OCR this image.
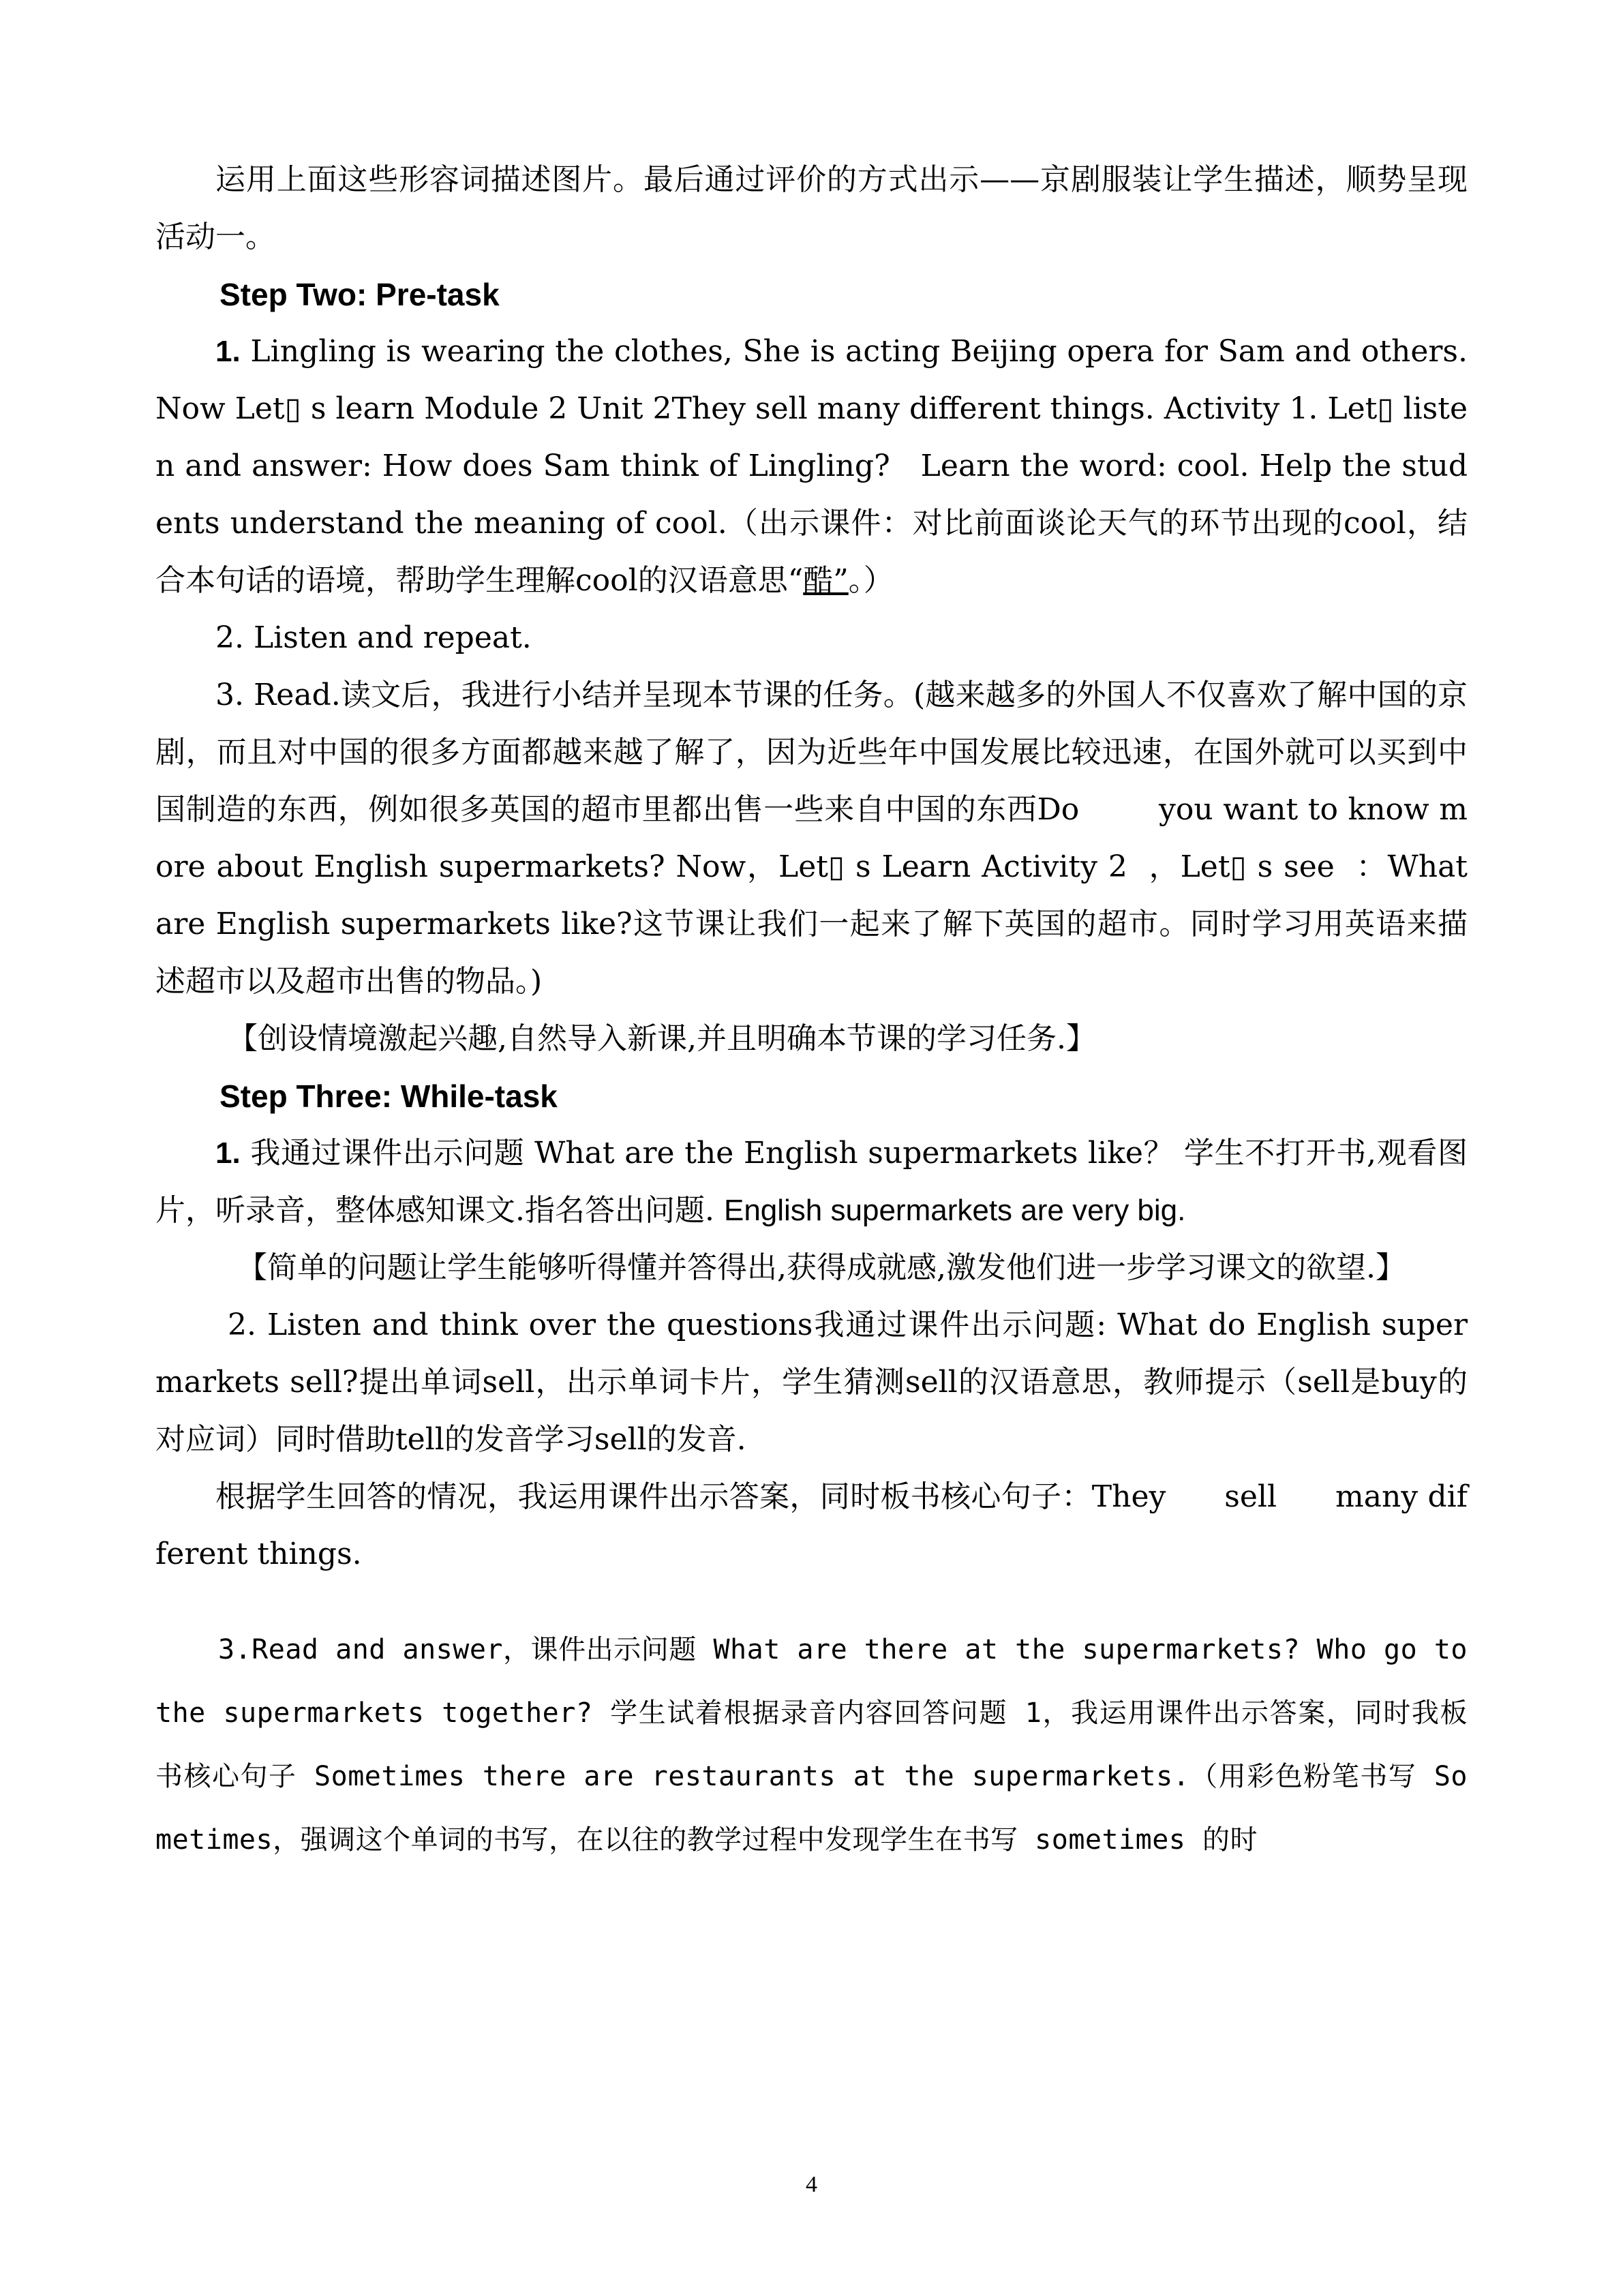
运用上面这些形容词描述图片。最后通过评价的方式出示——京剧服装让学生描述，顺势呈现活动一。

Step Two: Pre-task

1. Lingling is wearing the clothes, She is acting Beijing opera for Sam and others. Now Let▯ s learn Module 2 Unit 2They sell many different things. Activity 1. Let▯ listen and answer: How does Sam think of Lingling?   Learn the word: cool. Help the students understand the meaning of cool.（出示课件：对比前面谈论天气的环节出现的cool，结合本句话的语境，帮助学生理解cool的汉语意思“酷”。）

2. Listen and repeat.

3. Read.读文后，我进行小结并呈现本节课的任务。(越来越多的外国人不仅喜欢了解中国的京剧，而且对中国的很多方面都越来越了解了，因为近些年中国发展比较迅速，在国外就可以买到中国制造的东西，例如很多英国的超市里都出售一些来自中国的东西Do        you want to know more about English supermarkets? Now，Let▯ s Learn Activity 2  ，Let▯ s see  ：What are English supermarkets like?这节课让我们一起来了解下英国的超市。同时学习用英语来描述超市以及超市出售的物品。)

【创设情境激起兴趣,自然导入新课,并且明确本节课的学习任务.】

Step Three: While-task

1. 我通过课件出示问题 What are the English supermarkets like？ 学生不打开书,观看图片，听录音，整体感知课文.指名答出问题. English supermarkets are very big.

【简单的问题让学生能够听得懂并答得出,获得成就感,激发他们进一步学习课文的欲望.】

2. Listen and think over the questions我通过课件出示问题: What do English supermarkets sell?提出单词sell，出示单词卡片，学生猜测sell的汉语意思，教师提示（sell是buy的对应词）同时借助tell的发音学习sell的发音.

根据学生回答的情况，我运用课件出示答案，同时板书核心句子：They      sell      many different things.

3.Read and answer，课件出示问题 What are there at the supermarkets? Who go to the supermarkets together? 学生试着根据录音内容回答问题 1，我运用课件出示答案，同时我板书核心句子 Sometimes there are restaurants at the supermarkets.（用彩色粉笔书写 Sometimes，强调这个单词的书写，在以往的教学过程中发现学生在书写 sometimes 的时

4
